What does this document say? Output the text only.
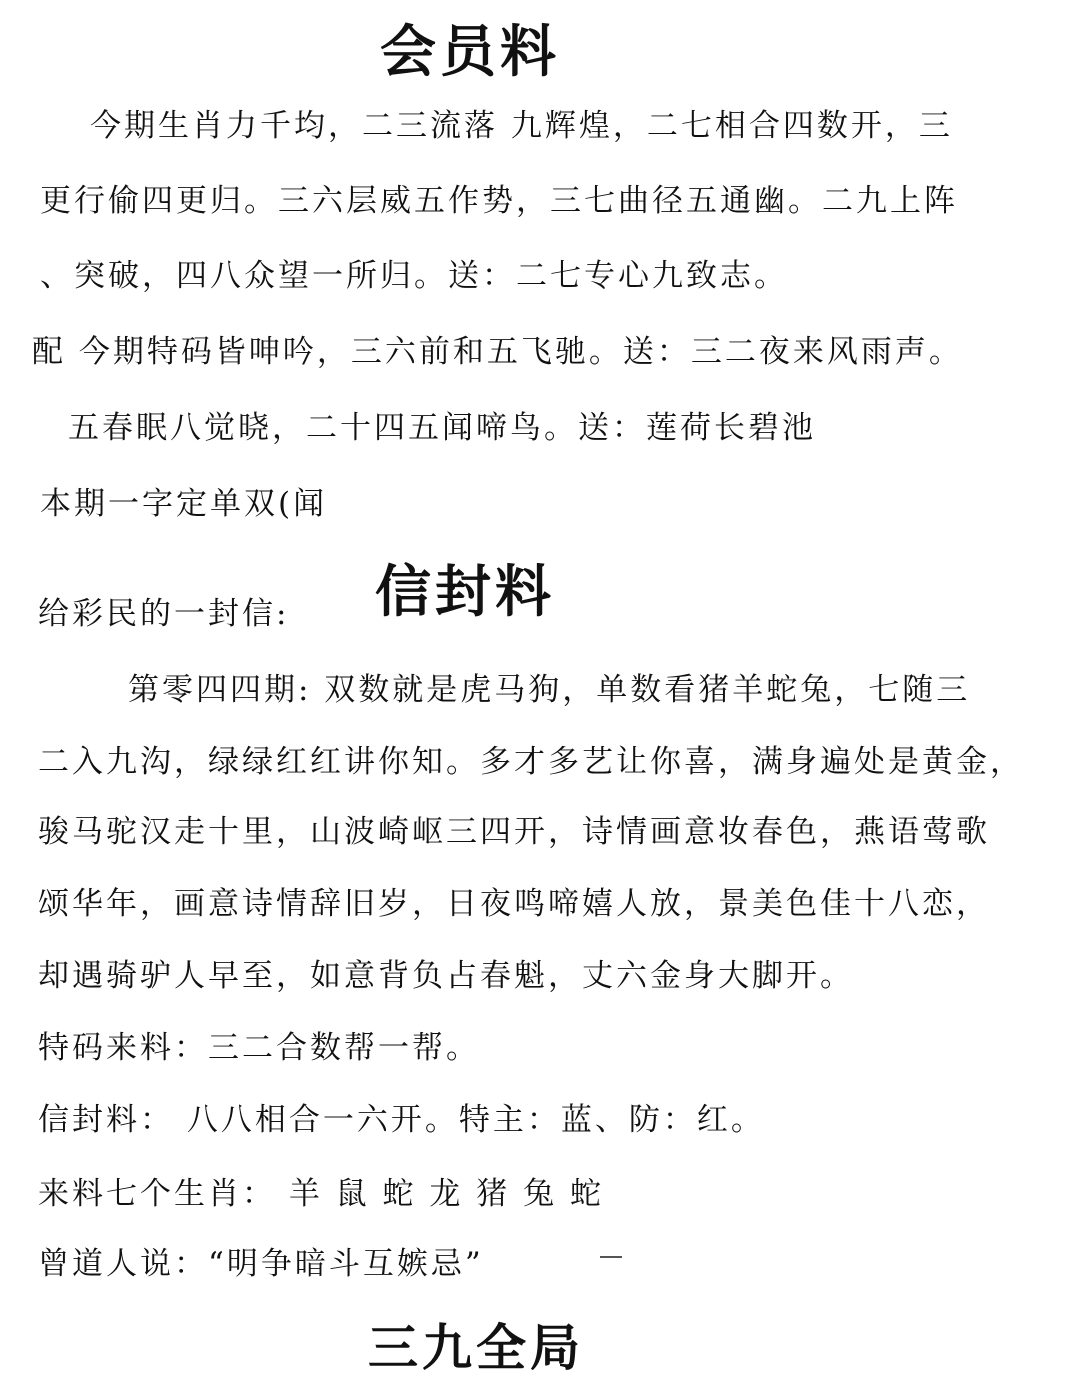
会员料
今期生肖力千均，二三流落 九辉煌，二七相合四数开，三
更行偷四更归。三六层威五作势，三七曲径五通幽。二九上阵
、突破，四八众望一所归。送：二七专心九致志。
配 今期特码皆呻吟，三六前和五飞驰。送：三二夜来风雨声。
五春眠八觉晓，二十四五闻啼鸟。送：莲荷长碧池
本期一字定单双(闻
给彩民的一封信: 信封料
第零四四期: 双数就是虎马狗，单数看猪羊蛇兔，七随三
二入九沟，绿绿红红讲你知。多才多艺让你喜，满身遍处是黄金，
骏马驼汉走十里，山波崎岖三四开，诗情画意妆春色，燕语莺歌
颂华年，画意诗情辞旧岁，日夜鸣啼嬉人放，景美色佳十八恋，
却遇骑驴人早至，如意背负占春魁，丈六金身大脚开。
特码来料：三二合数帮一帮。
信封料： 八八相合一六开。特主：蓝、防：红。
来料七个生肖： 羊 鼠 蛇 龙 猪 兔 蛇
曾道人说：“明争暗斗互嫉忌”
三九全局
